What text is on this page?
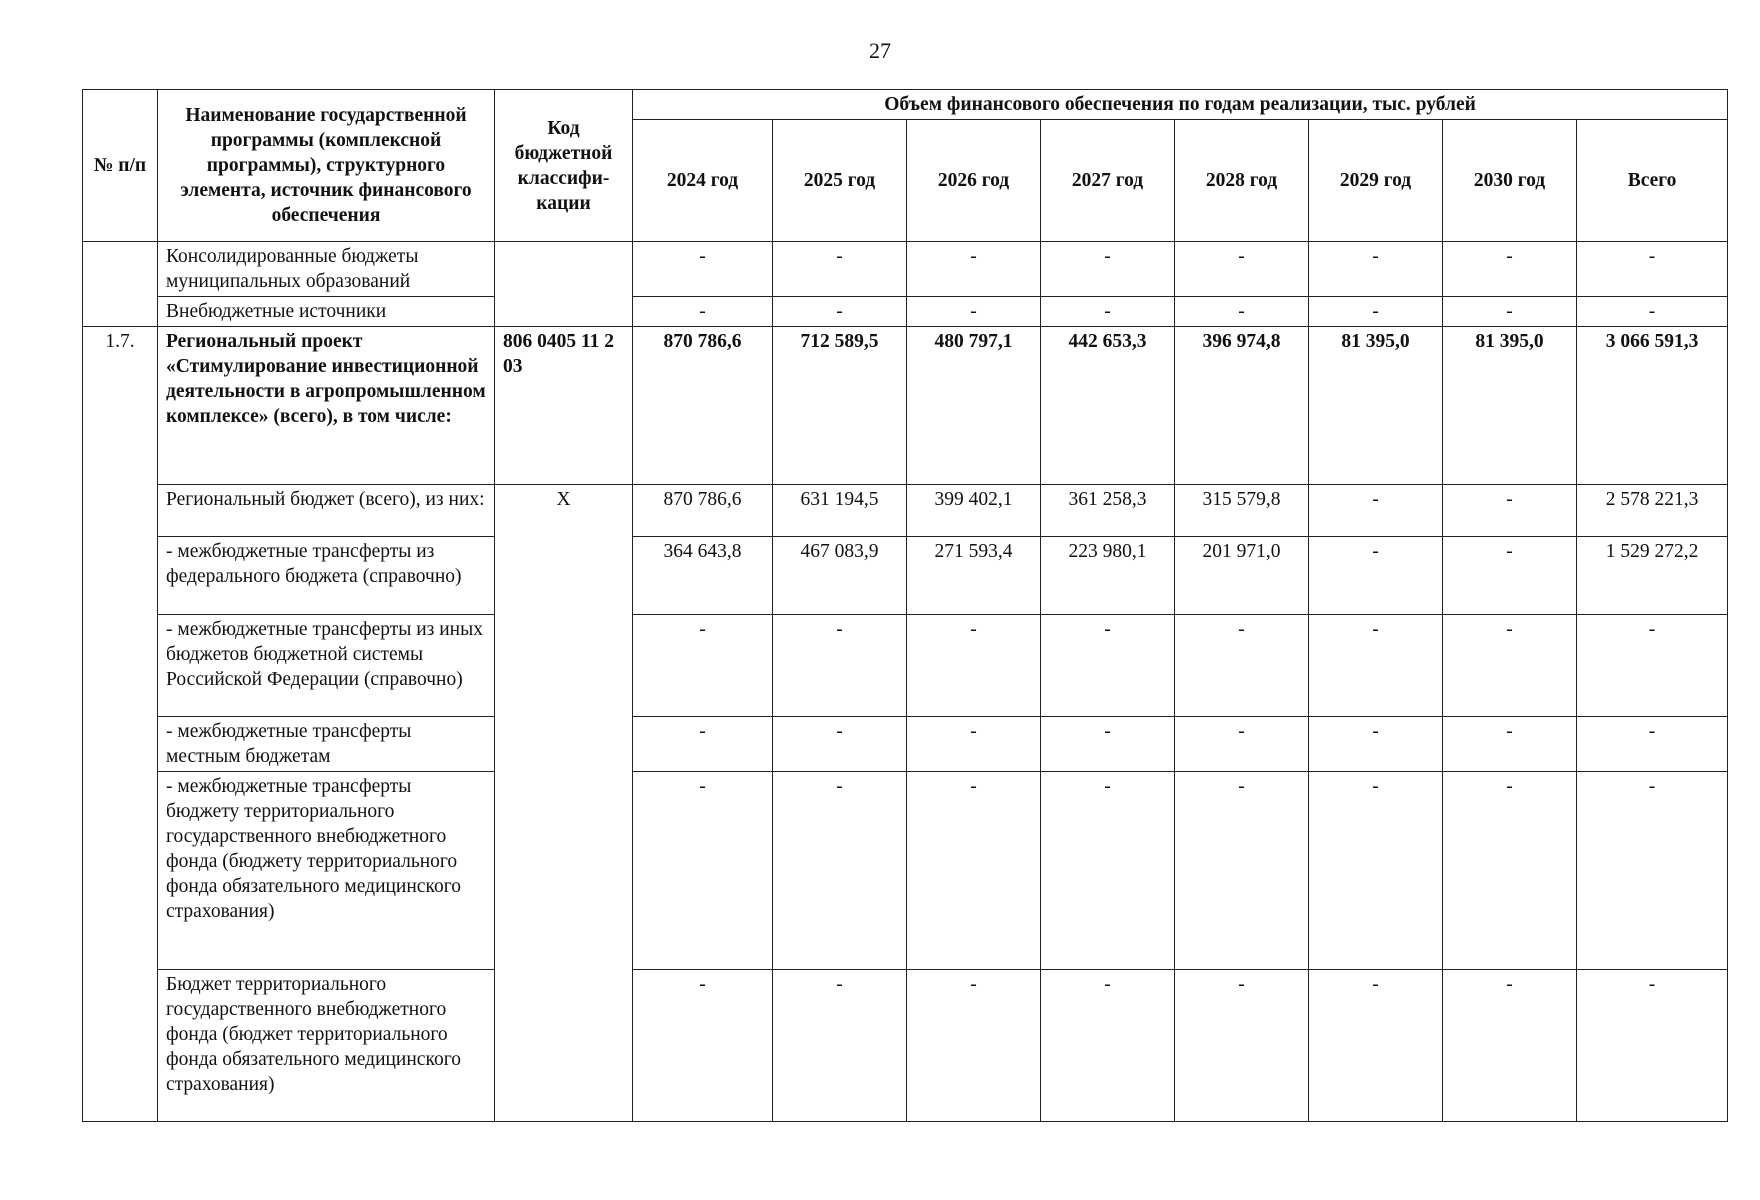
27
№ п/п	Наименование государственной программы (комплексной программы), структурного элемента, источник финансового обеспечения	Код бюджетной классифи-кации	Объем финансового обеспечения по годам реализации, тыс. рублей							
			2024 год	2025 год	2026 год	2027 год	2028 год	2029 год	2030 год	Всего
	Консолидированные бюджеты муниципальных образований		-	-	-	-	-	-	-	-
	Внебюджетные источники		-	-	-	-	-	-	-	-
1.7.	Региональный проект «Стимулирование инвестиционной деятельности в агропромышленном комплексе» (всего), в том числе:	806 0405 11 2 03	870 786,6	712 589,5	480 797,1	442 653,3	396 974,8	81 395,0	81 395,0	3 066 591,3
	Региональный бюджет (всего), из них:	X	870 786,6	631 194,5	399 402,1	361 258,3	315 579,8	-	-	2 578 221,3
	- межбюджетные трансферты из федерального бюджета (справочно)		364 643,8	467 083,9	271 593,4	223 980,1	201 971,0	-	-	1 529 272,2
	- межбюджетные трансферты из иных бюджетов бюджетной системы Российской Федерации (справочно)		-	-	-	-	-	-	-	-
	- межбюджетные трансферты местным бюджетам		-	-	-	-	-	-	-	-
	- межбюджетные трансферты бюджету территориального государственного внебюджетного фонда (бюджету территориального фонда обязательного медицинского страхования)		-	-	-	-	-	-	-	-
	Бюджет территориального государственного внебюджетного фонда (бюджет территориального фонда обязательного медицинского страхования)		-	-	-	-	-	-	-	-
